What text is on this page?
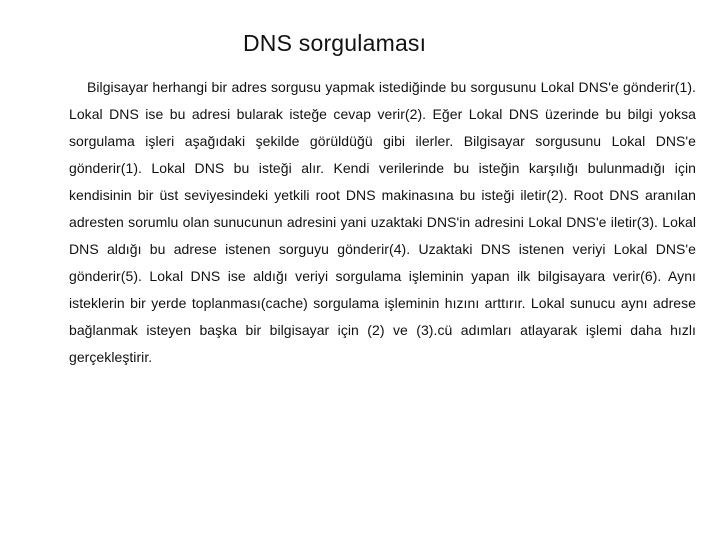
DNS sorgulaması

Bilgisayar herhangi bir adres sorgusu yapmak istediğinde bu sorgusunu Lokal DNS'e gönderir(1). Lokal DNS ise bu adresi bularak isteğe cevap verir(2). Eğer Lokal DNS üzerinde bu bilgi yoksa sorgulama işleri aşağıdaki şekilde görüldüğü gibi ilerler. Bilgisayar sorgusunu Lokal DNS'e gönderir(1). Lokal DNS bu isteği alır. Kendi verilerinde bu isteğin karşılığı bulunmadığı için kendisinin bir üst seviyesindeki yetkili root DNS makinasına bu isteği iletir(2). Root DNS aranılan adresten sorumlu olan sunucunun adresini yani uzaktaki DNS'in adresini Lokal DNS'e iletir(3). Lokal DNS aldığı bu adrese istenen sorguyu gönderir(4). Uzaktaki DNS istenen veriyi Lokal DNS'e gönderir(5). Lokal DNS ise aldığı veriyi sorgulama işleminin yapan ilk bilgisayara verir(6). Aynı isteklerin bir yerde toplanması(cache) sorgulama işleminin hızını arttırır. Lokal sunucu aynı adrese bağlanmak isteyen başka bir bilgisayar için (2) ve (3).cü adımları atlayarak işlemi daha hızlı gerçekleştirir.
